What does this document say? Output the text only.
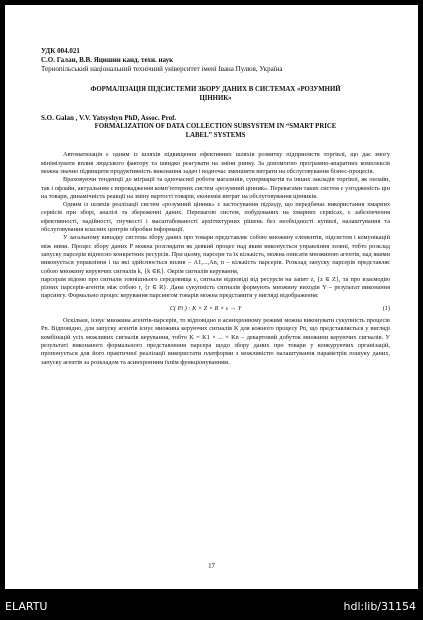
УДК 004.021
С.О. Галан, В.В. Яцишин канд. техн. наук
Тернопільський національний технічний університет імені Івана Пулюя, Україна
ФОРМАЛІЗАЦІЯ ПІДСИСТЕМИ ЗБОРУ ДАНИХ В СИСТЕМАХ «РОЗУМНИЙ ЦІННИК»
S.O. Galan , V.V. Yatsyshyn PhD, Assoc. Prof.
FORMALIZATION OF DATA COLLECTION SUBSYSTEM IN “SMART PRICE LABEL” SYSTEMS

Автоматизація є одним із шляхів підвищення ефективних шляхів розвитку підприємств торгівлі, що дає змогу мінімізувати вплив людського фактору та швидко реагувати на зміни ринку. За допомогою програмно-апаратних комплексів можна значно підвищити продуктивність виконання задач і водночас зменшити витрати на обслуговування бізнес-процесів.

Враховуючи тенденції до міграції та одночасної роботи магазинів, супермаркетів та інших закладів торгівлі, як онлайн, так і офлайн, актуальним є впровадження комп’ютерних систем «розумний цінник». Перевагами таких систем є узгодженість цін на товари, динамічність реакції на зміну вартості товарів, економія витрат на обслуговування цінників.

Одним із шляхів реалізації систем «розумний цінник» є застосування підходу, що передбачає використання хмарних сервісів при зборі, аналізі та збереженні даних. Перевагою систем, побудованих на хмарних сервісах, є забезпечення ефективності, надійності, гнучкості і масштабованості архітектурних рішень без необхідності купівлі, налаштування та обслуговування власних центрів обробки інформації.

У загальному випадку система збору даних про товари представляє собою множину елементів, підсистем і комунікацій між ними. Процес збору даних P можна розглядати як деякий процес над яким виконується управління ззовні, тобто розклад запуску парсерів відносно конкретних ресурсів. При цьому, парсери та їх кількість, можна описати множиною агентів, над якими виконується управління і на які здійснюється вплив – A1,...,An, n – кількість парсерів. Розклад запуску парсерів представляє собою множину керуючих сигналів k, {k ∈K}. Окрім сигналів керування,

парсерам відомо про сигнали зовнішнього середовища є, сигнали відповіді від ресурсів на запит z, {z ∈ Z}, та про взаємодію різних парсерів-агентів між собою r, {r ∈ R}. Дана сукупність сигналів формують множину виходів Y – результат виконання парсингу. Формально процес керування парсингом товарів можна представити у вигляді відображення:

C( Pi ) : K × Z × R × ε → Y	(1)

Оскільки, існує множина агентів-парсерів, то відповідно в асинхронному режимі можна виконувати сукупність процесів Pn. Відповідно, для запуску агентів існує множина керуючих сигналів K для кожного процесу Pn, що представляється у вигляді комбінацій усіх можливих сигналів керування, тобто K = K1 × ... × Kn – декартовий добуток множини керуючих сигналів. У результаті виконаного формального представлення парсера щодо збору даних про товари у конкуруючих організацій, пропонується для його практичної реалізації використати платформи з можливістю налаштування параметрів пошуку даних, запуску агентів за розкладом та асинхронним їхнім функціонуванням.

17
ELARTU	hdl:lib/31154
